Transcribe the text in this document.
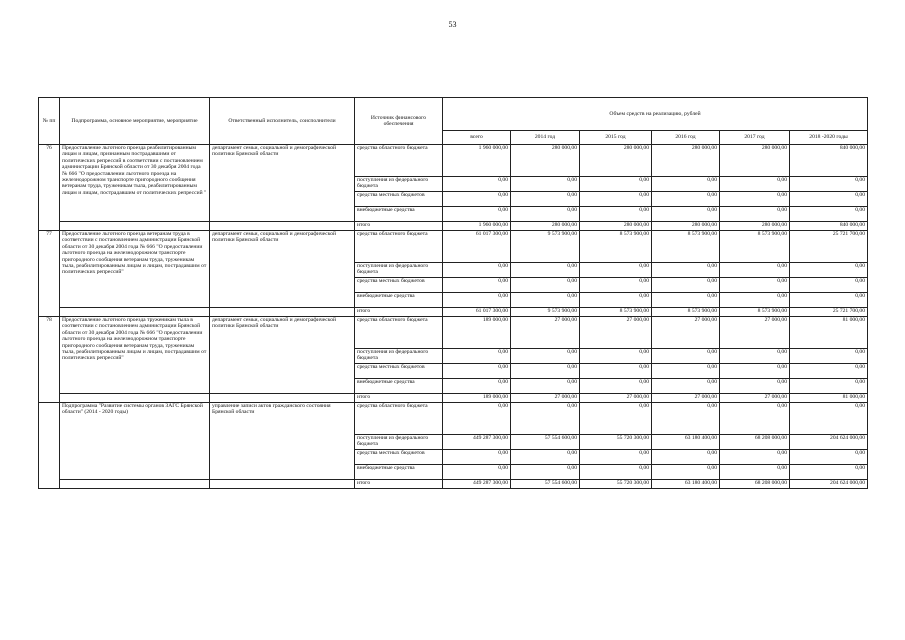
53
№ пп	Подпрограмма, основное мероприятие, мероприятие	Ответственный исполнитель, соисполнители	Источник финансового обеспечения	Объем средств на реализацию, рублей					
				всего	2014 год	2015 год	2016 год	2017 год	2018 -2020 годы
76	Предоставление льготного проезда реабилитированным лицам и лицам, признанным пострадавшими от политических репрессий в соответствии с постановлением администрации Брянской области от 30 декабря 2004 года № 666 "О предоставлении льготного проезда на железнодорожном транспорте пригородного сообщения ветеранам труда, труженикам тыла, реабилитированным лицам и лицам, пострадавшим от политических репрессий "	департамент семьи, социальной и демографической политики Брянской области	средства областного бюджета	1 960 000,00	280 000,00	280 000,00	280 000,00	280 000,00	840 000,00
			поступления из федерального бюджета	0,00	0,00	0,00	0,00	0,00	0,00
			средства местных бюджетов	0,00	0,00	0,00	0,00	0,00	0,00
			внебюджетные средства	0,00	0,00	0,00	0,00	0,00	0,00
			итого	1 960 000,00	280 000,00	280 000,00	280 000,00	280 000,00	840 000,00
77	Предоставление льготного проезда ветеранам труда в соответствии с постановлением администрации Брянской области от 30 декабря 2004 года № 666 "О предоставлении льготного проезда на железнодорожном транспорте пригородного сообщения ветеранам труда, труженикам тыла, реабилитированным лицам и лицам, пострадавшим от политических репрессий"	департамент семьи, социальной и демографической политики Брянской области	средства областного бюджета	61 017 300,00	9 573 900,00	8 573 900,00	8 573 900,00	8 573 900,00	25 721 700,00
			поступления из федерального бюджета	0,00	0,00	0,00	0,00	0,00	0,00
			средства местных бюджетов	0,00	0,00	0,00	0,00	0,00	0,00
			внебюджетные средства	0,00	0,00	0,00	0,00	0,00	0,00
			итого	61 017 300,00	9 573 900,00	8 573 900,00	8 573 900,00	8 573 900,00	25 721 700,00
78	Предоставление льготного проезда труженикам тыла в соответствии с постановлением администрации Брянской области от 30 декабря 2004 года № 666 "О предоставлении льготного проезда на железнодорожном транспорте пригородного сообщения ветеранам труда, труженикам тыла, реабилитированным лицам и лицам, пострадавшим от политических репрессий"	департамент семьи, социальной и демографической политики Брянской области	средства областного бюджета	189 000,00	27 000,00	27 000,00	27 000,00	27 000,00	81 000,00
			поступления из федерального бюджета	0,00	0,00	0,00	0,00	0,00	0,00
			средства местных бюджетов	0,00	0,00	0,00	0,00	0,00	0,00
			внебюджетные средства	0,00	0,00	0,00	0,00	0,00	0,00
			итого	189 000,00	27 000,00	27 000,00	27 000,00	27 000,00	81 000,00
	Подпрограмма "Развитие системы органов ЗАГС Брянской области" (2014 - 2020 годы)	управление записи актов гражданского состояния Брянской области	средства областного бюджета	0,00	0,00	0,00	0,00	0,00	0,00
			поступления из федерального бюджета	449 287 300,00	57 554 600,00	55 720 300,00	63 180 400,00	68 208 000,00	204 624 000,00
			средства местных бюджетов	0,00	0,00	0,00	0,00	0,00	0,00
			внебюджетные средства	0,00	0,00	0,00	0,00	0,00	0,00
			итого	449 287 300,00	57 554 600,00	55 720 300,00	63 180 400,00	68 208 000,00	204 624 000,00
